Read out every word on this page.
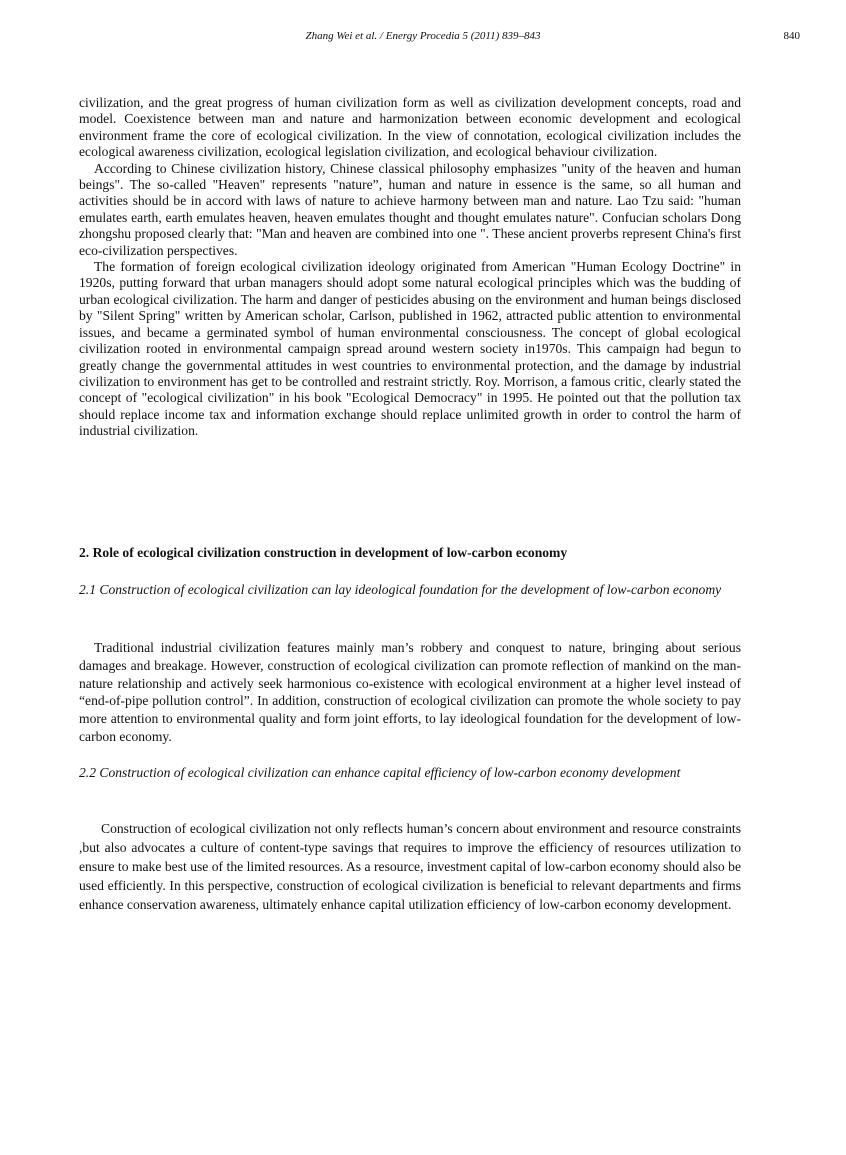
Zhang Wei et al. / Energy Procedia 5 (2011) 839–843	840

civilization, and the great progress of human civilization form as well as civilization development concepts, road and model. Coexistence between man and nature and harmonization between economic development and ecological environment frame the core of ecological civilization. In the view of connotation, ecological civilization includes the ecological awareness civilization, ecological legislation civilization, and ecological behaviour civilization.

According to Chinese civilization history, Chinese classical philosophy emphasizes "unity of the heaven and human beings". The so-called "Heaven" represents "nature”, human and nature in essence is the same, so all human and activities should be in accord with laws of nature to achieve harmony between man and nature. Lao Tzu said: "human emulates earth, earth emulates heaven, heaven emulates thought and thought emulates nature". Confucian scholars Dong zhongshu proposed clearly that: "Man and heaven are combined into one ". These ancient proverbs represent China's first eco-civilization perspectives.

The formation of foreign ecological civilization ideology originated from American "Human Ecology Doctrine" in 1920s, putting forward that urban managers should adopt some natural ecological principles which was the budding of urban ecological civilization. The harm and danger of pesticides abusing on the environment and human beings disclosed by "Silent Spring" written by American scholar, Carlson, published in 1962, attracted public attention to environmental issues, and became a germinated symbol of human environmental consciousness. The concept of global ecological civilization rooted in environmental campaign spread around western society in1970s. This campaign had begun to greatly change the governmental attitudes in west countries to environmental protection, and the damage by industrial civilization to environment has get to be controlled and restraint strictly. Roy. Morrison, a famous critic, clearly stated the concept of "ecological civilization" in his book "Ecological Democracy" in 1995. He pointed out that the pollution tax should replace income tax and information exchange should replace unlimited growth in order to control the harm of industrial civilization.

2. Role of ecological civilization construction in development of low-carbon economy
2.1 Construction of ecological civilization can lay ideological foundation for the development of low-carbon economy
Traditional industrial civilization features mainly man’s robbery and conquest to nature, bringing about serious damages and breakage. However, construction of ecological civilization can promote reflection of mankind on the man-nature relationship and actively seek harmonious co-existence with ecological environment at a higher level instead of “end-of-pipe pollution control”. In addition, construction of ecological civilization can promote the whole society to pay more attention to environmental quality and form joint efforts, to lay ideological foundation for the development of low-carbon economy.
2.2 Construction of ecological civilization can enhance capital efficiency of low-carbon economy development
Construction of ecological civilization not only reflects human’s concern about environment and resource constraints ,but also advocates a culture of content-type savings that requires to improve the efficiency of resources utilization to ensure to make best use of the limited resources. As a resource, investment capital of low-carbon economy should also be used efficiently. In this perspective, construction of ecological civilization is beneficial to relevant departments and firms enhance conservation awareness, ultimately enhance capital utilization efficiency of low-carbon economy development.
